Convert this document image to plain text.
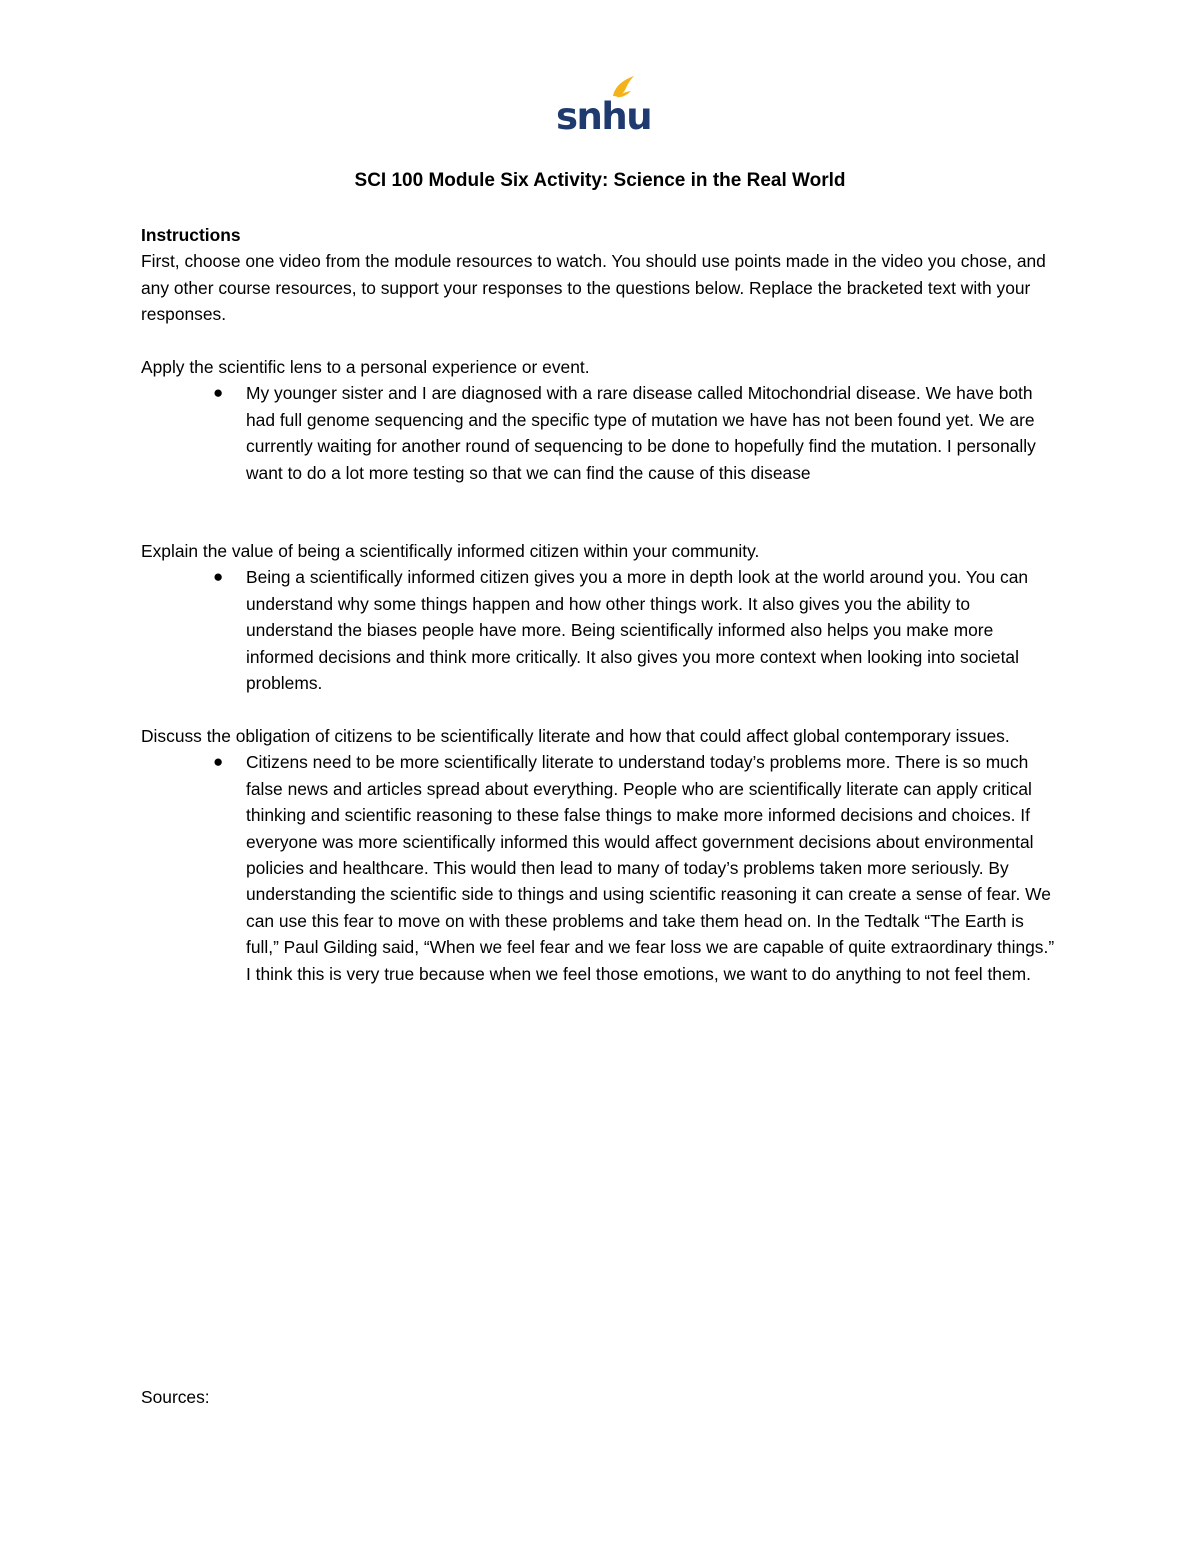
snhu
SCI 100 Module Six Activity: Science in the Real World
Instructions
First, choose one video from the module resources to watch. You should use points made in the video you chose, and any other course resources, to support your responses to the questions below. Replace the bracketed text with your responses.
Apply the scientific lens to a personal experience or event.
● My younger sister and I are diagnosed with a rare disease called Mitochondrial disease. We have both had full genome sequencing and the specific type of mutation we have has not been found yet. We are currently waiting for another round of sequencing to be done to hopefully find the mutation. I personally want to do a lot more testing so that we can find the cause of this disease
Explain the value of being a scientifically informed citizen within your community.
● Being a scientifically informed citizen gives you a more in depth look at the world around you. You can understand why some things happen and how other things work. It also gives you the ability to understand the biases people have more. Being scientifically informed also helps you make more informed decisions and think more critically. It also gives you more context when looking into societal problems.
Discuss the obligation of citizens to be scientifically literate and how that could affect global contemporary issues.
● Citizens need to be more scientifically literate to understand today’s problems more. There is so much false news and articles spread about everything. People who are scientifically literate can apply critical thinking and scientific reasoning to these false things to make more informed decisions and choices. If everyone was more scientifically informed this would affect government decisions about environmental policies and healthcare. This would then lead to many of today’s problems taken more seriously. By understanding the scientific side to things and using scientific reasoning it can create a sense of fear. We can use this fear to move on with these problems and take them head on. In the Tedtalk “The Earth is full,” Paul Gilding said, “When we feel fear and we fear loss we are capable of quite extraordinary things.” I think this is very true because when we feel those emotions, we want to do anything to not feel them.
Sources:
